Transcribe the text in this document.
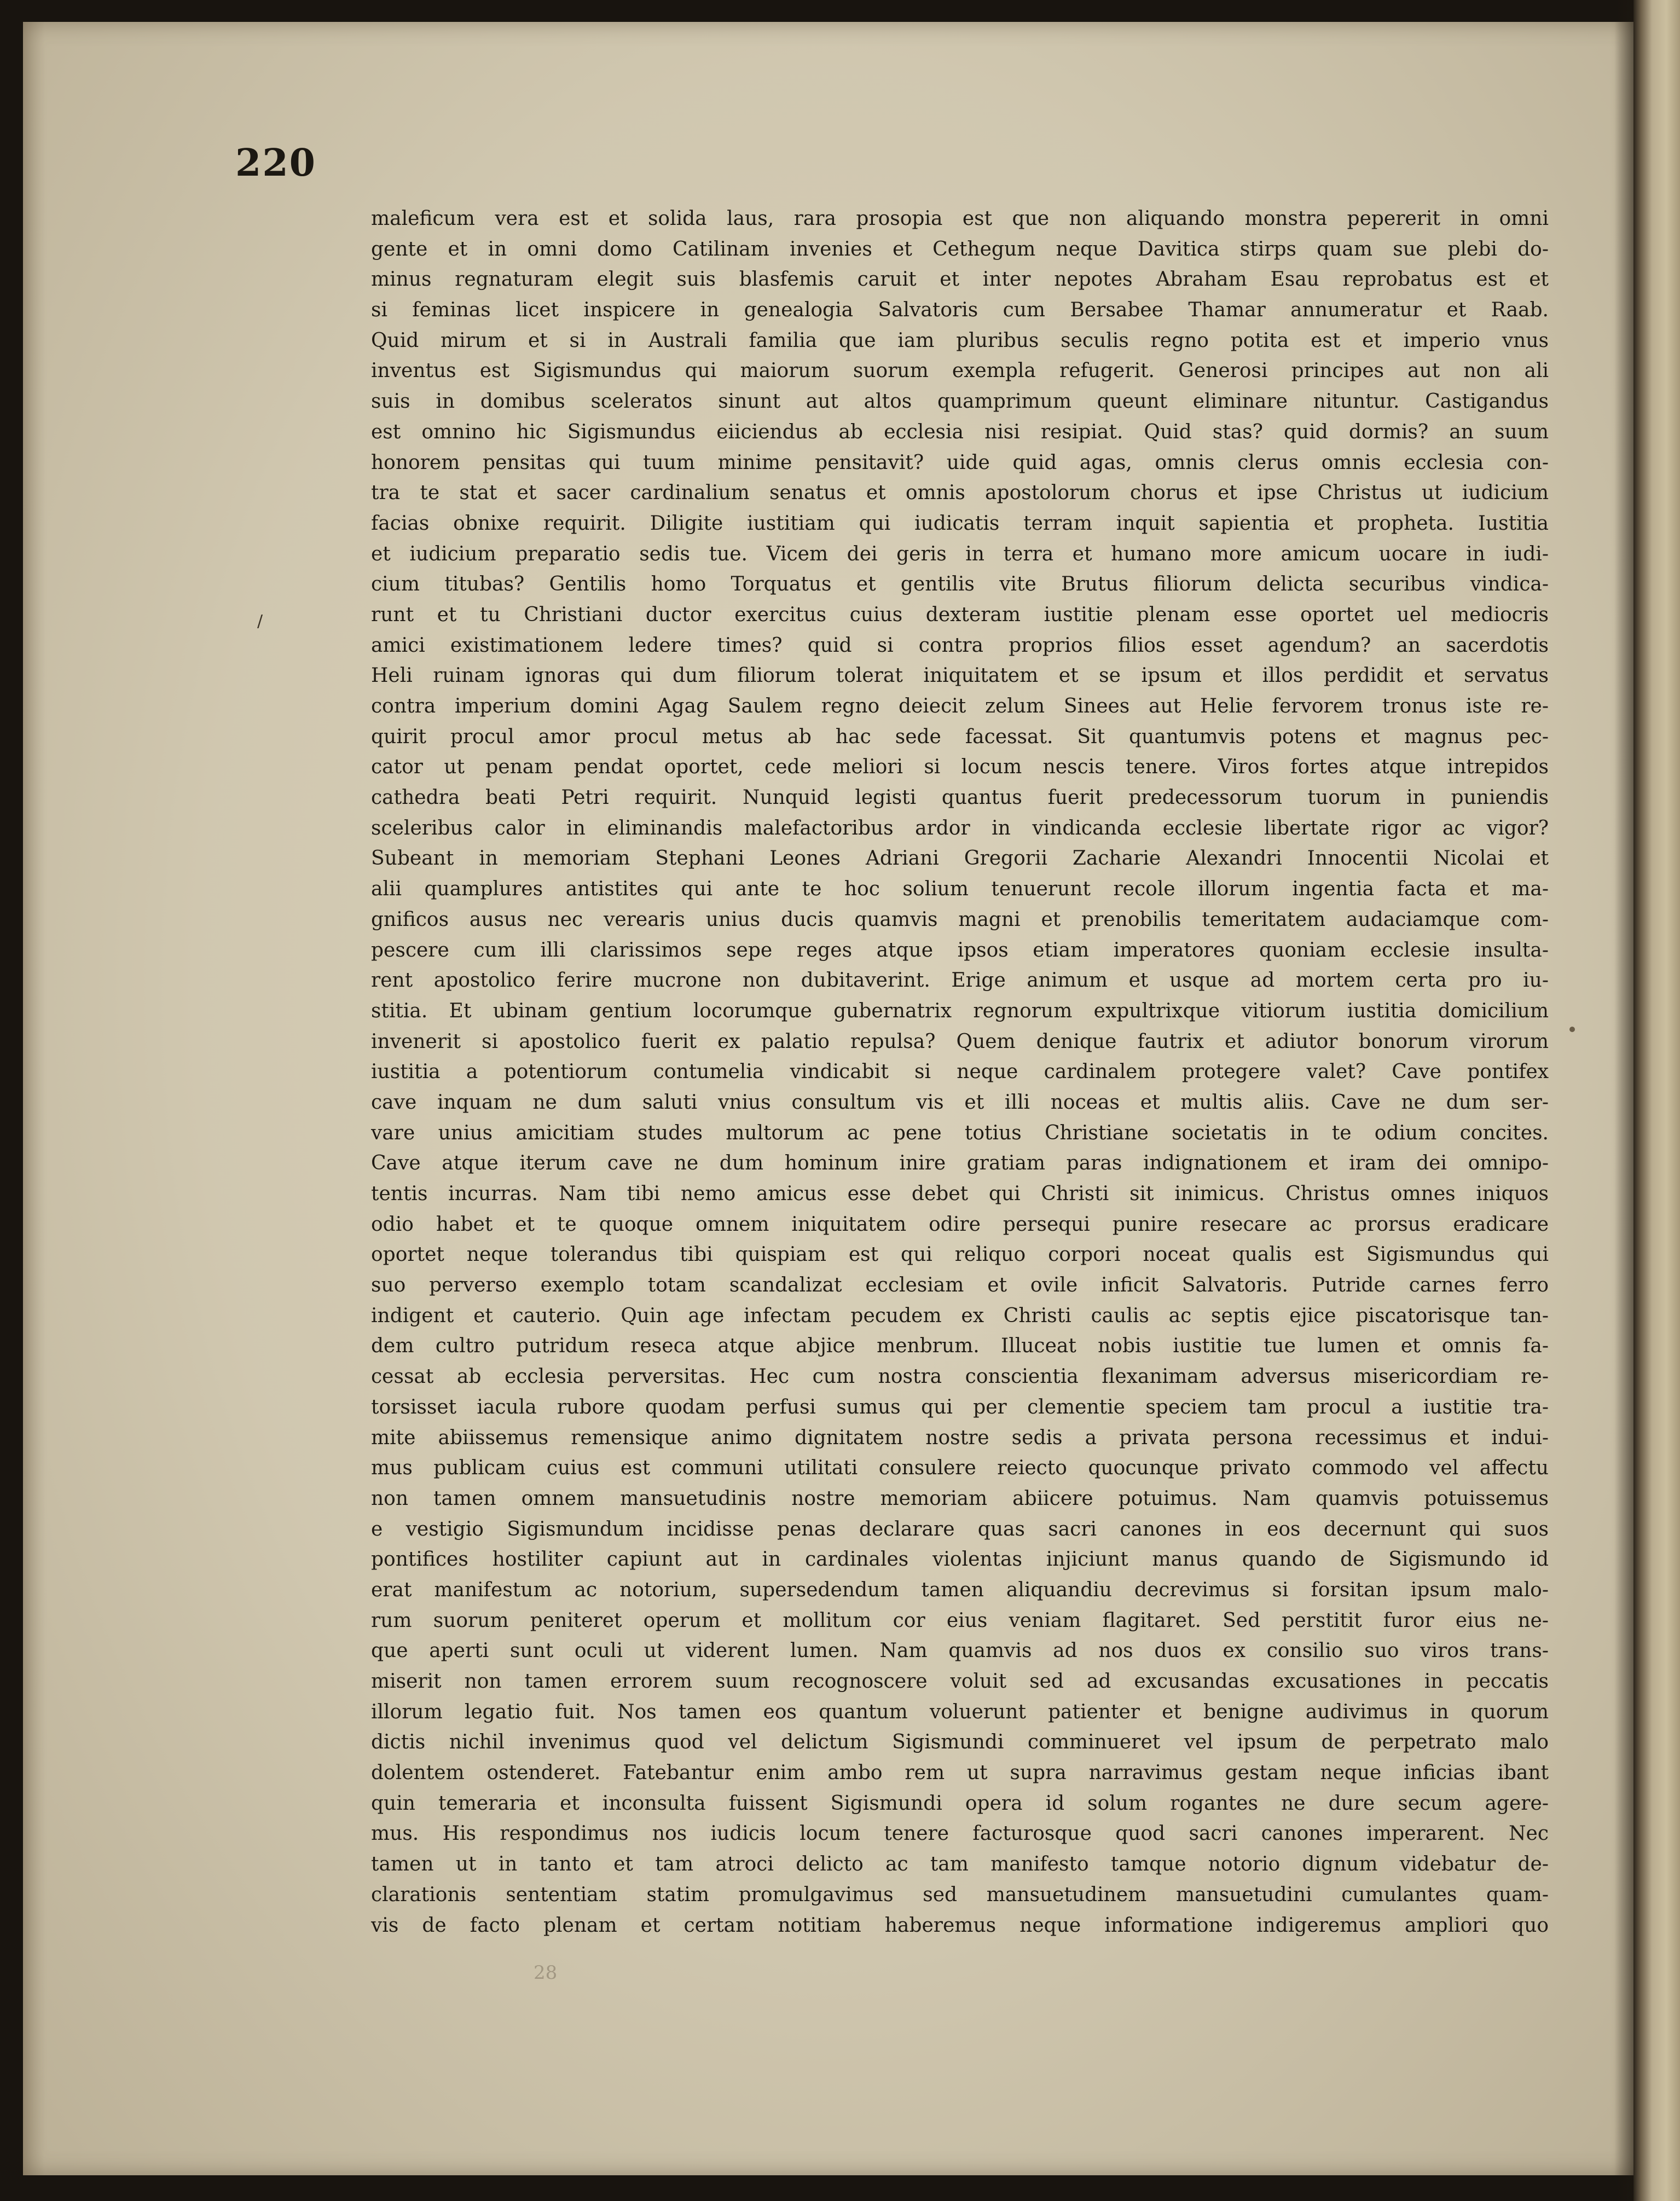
220
/
28
maleficum vera est et solida laus, rara prosopia est que non aliquando monstra pepererit in omni
gente et in omni domo Catilinam invenies et Cethegum neque Davitica stirps quam sue plebi do-
minus regnaturam elegit suis blasfemis caruit et inter nepotes Abraham Esau reprobatus est et
si feminas licet inspicere in genealogia Salvatoris cum Bersabee Thamar annumeratur et Raab.
Quid mirum et si in Australi familia que iam pluribus seculis regno potita est et imperio vnus
inventus est Sigismundus qui maiorum suorum exempla refugerit. Generosi principes aut non ali
suis in domibus sceleratos sinunt aut altos quamprimum queunt eliminare nituntur. Castigandus
est omnino hic Sigismundus eiiciendus ab ecclesia nisi resipiat. Quid stas? quid dormis? an suum
honorem pensitas qui tuum minime pensitavit? uide quid agas, omnis clerus omnis ecclesia con-
tra te stat et sacer cardinalium senatus et omnis apostolorum chorus et ipse Christus ut iudicium
facias obnixe requirit. Diligite iustitiam qui iudicatis terram inquit sapientia et propheta. Iustitia
et iudicium preparatio sedis tue. Vicem dei geris in terra et humano more amicum uocare in iudi-
cium titubas? Gentilis homo Torquatus et gentilis vite Brutus filiorum delicta securibus vindica-
runt et tu Christiani ductor exercitus cuius dexteram iustitie plenam esse oportet uel mediocris
amici existimationem ledere times? quid si contra proprios filios esset agendum? an sacerdotis
Heli ruinam ignoras qui dum filiorum tolerat iniquitatem et se ipsum et illos perdidit et servatus
contra imperium domini Agag Saulem regno deiecit zelum Sinees aut Helie fervorem tronus iste re-
quirit procul amor procul metus ab hac sede facessat. Sit quantumvis potens et magnus pec-
cator ut penam pendat oportet, cede meliori si locum nescis tenere. Viros fortes atque intrepidos
cathedra beati Petri requirit. Nunquid legisti quantus fuerit predecessorum tuorum in puniendis
sceleribus calor in eliminandis malefactoribus ardor in vindicanda ecclesie libertate rigor ac vigor?
Subeant in memoriam Stephani Leones Adriani Gregorii Zacharie Alexandri Innocentii Nicolai et
alii quamplures antistites qui ante te hoc solium tenuerunt recole illorum ingentia facta et ma-
gnificos ausus nec verearis unius ducis quamvis magni et prenobilis temeritatem audaciamque com-
pescere cum illi clarissimos sepe reges atque ipsos etiam imperatores quoniam ecclesie insulta-
rent apostolico ferire mucrone non dubitaverint. Erige animum et usque ad mortem certa pro iu-
stitia. Et ubinam gentium locorumque gubernatrix regnorum expultrixque vitiorum iustitia domicilium
invenerit si apostolico fuerit ex palatio repulsa? Quem denique fautrix et adiutor bonorum virorum
iustitia a potentiorum contumelia vindicabit si neque cardinalem protegere valet? Cave pontifex
cave inquam ne dum saluti vnius consultum vis et illi noceas et multis aliis. Cave ne dum ser-
vare unius amicitiam studes multorum ac pene totius Christiane societatis in te odium concites.
Cave atque iterum cave ne dum hominum inire gratiam paras indignationem et iram dei omnipo-
tentis incurras. Nam tibi nemo amicus esse debet qui Christi sit inimicus. Christus omnes iniquos
odio habet et te quoque omnem iniquitatem odire persequi punire resecare ac prorsus eradicare
oportet neque tolerandus tibi quispiam est qui reliquo corpori noceat qualis est Sigismundus qui
suo perverso exemplo totam scandalizat ecclesiam et ovile inficit Salvatoris. Putride carnes ferro
indigent et cauterio. Quin age infectam pecudem ex Christi caulis ac septis ejice piscatorisque tan-
dem cultro putridum reseca atque abjice menbrum. Illuceat nobis iustitie tue lumen et omnis fa-
cessat ab ecclesia perversitas. Hec cum nostra conscientia flexanimam adversus misericordiam re-
torsisset iacula rubore quodam perfusi sumus qui per clementie speciem tam procul a iustitie tra-
mite abiissemus remensique animo dignitatem nostre sedis a privata persona recessimus et indui-
mus publicam cuius est communi utilitati consulere reiecto quocunque privato commodo vel affectu
non tamen omnem mansuetudinis nostre memoriam abiicere potuimus. Nam quamvis potuissemus
e vestigio Sigismundum incidisse penas declarare quas sacri canones in eos decernunt qui suos
pontifices hostiliter capiunt aut in cardinales violentas injiciunt manus quando de Sigismundo id
erat manifestum ac notorium, supersedendum tamen aliquandiu decrevimus si forsitan ipsum malo-
rum suorum peniteret operum et mollitum cor eius veniam flagitaret. Sed perstitit furor eius ne-
que aperti sunt oculi ut viderent lumen. Nam quamvis ad nos duos ex consilio suo viros trans-
miserit non tamen errorem suum recognoscere voluit sed ad excusandas excusationes in peccatis
illorum legatio fuit. Nos tamen eos quantum voluerunt patienter et benigne audivimus in quorum
dictis nichil invenimus quod vel delictum Sigismundi comminueret vel ipsum de perpetrato malo
dolentem ostenderet. Fatebantur enim ambo rem ut supra narravimus gestam neque inficias ibant
quin temeraria et inconsulta fuissent Sigismundi opera id solum rogantes ne dure secum agere-
mus. His respondimus nos iudicis locum tenere facturosque quod sacri canones imperarent. Nec
tamen ut in tanto et tam atroci delicto ac tam manifesto tamque notorio dignum videbatur de-
clarationis sententiam statim promulgavimus sed mansuetudinem mansuetudini cumulantes quam-
vis de facto plenam et certam notitiam haberemus neque informatione indigeremus ampliori quo
